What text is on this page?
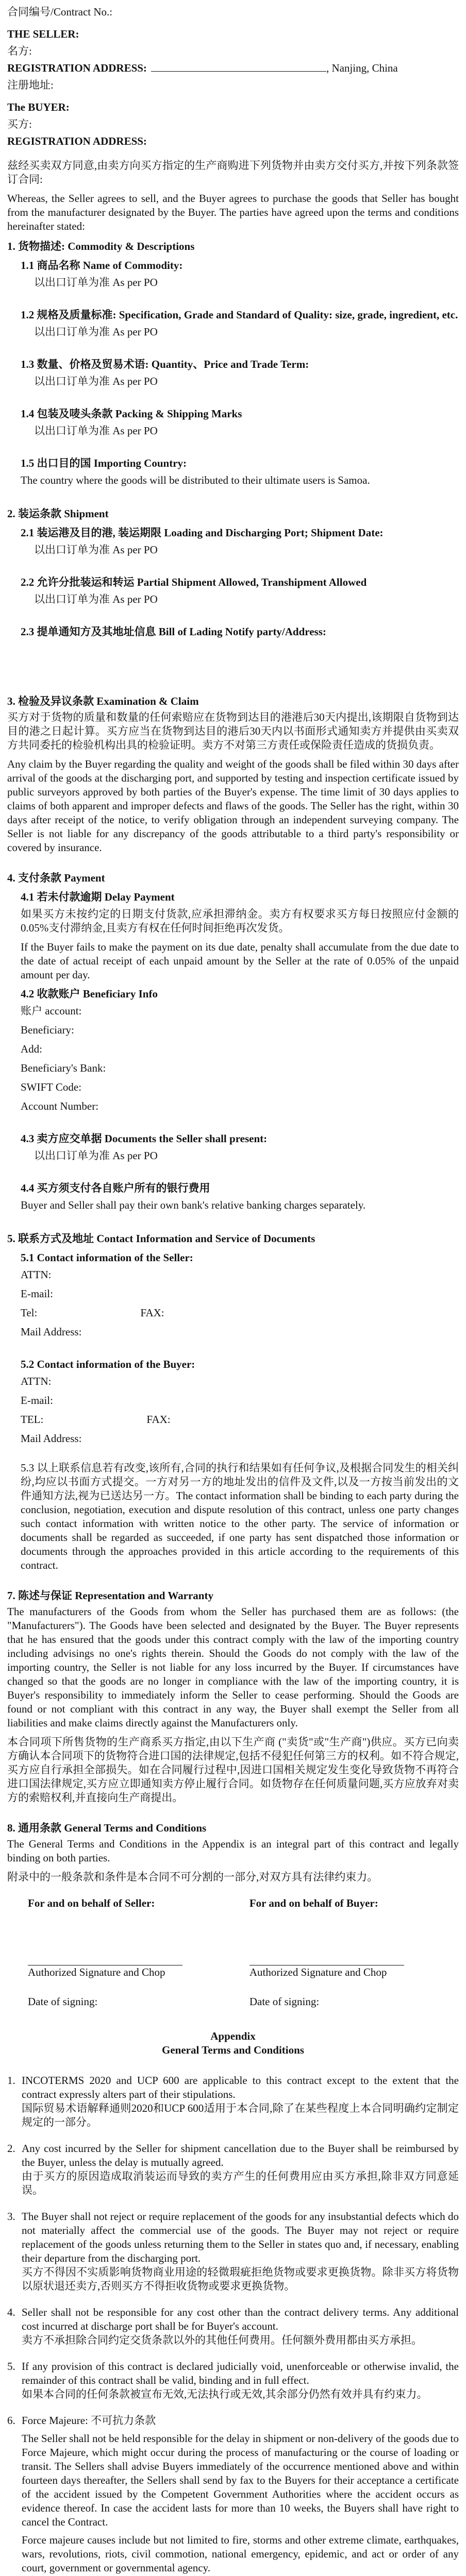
合同编号/Contract No.:
THE SELLER:
名方:
REGISTRATION ADDRESS:	, Nanjing, China
注册地址:
The BUYER:
买方:
REGISTRATION ADDRESS:
兹经买卖双方同意,由卖方向买方指定的生产商购进下列货物并由卖方交付买方,并按下列条款签订合同:
Whereas, the Seller agrees to sell, and the Buyer agrees to purchase the goods that Seller has bought from the manufacturer designated by the Buyer. The parties have agreed upon the terms and conditions hereinafter stated:
1. 货物描述: Commodity & Descriptions
1.1 商品名称 Name of Commodity:
以出口订单为准 As per PO
1.2 规格及质量标准: Specification, Grade and Standard of Quality: size, grade, ingredient, etc.
以出口订单为准 As per PO
1.3 数量、价格及贸易术语: Quantity、Price and Trade Term:
以出口订单为准 As per PO
1.4 包装及唛头条款 Packing & Shipping Marks
以出口订单为准 As per PO
1.5 出口目的国 Importing Country:
The country where the goods will be distributed to their ultimate users is Samoa.
2. 装运条款 Shipment
2.1 装运港及目的港, 装运期限 Loading and Discharging Port; Shipment Date:
以出口订单为准 As per PO
2.2 允许分批装运和转运 Partial Shipment Allowed, Transhipment Allowed
以出口订单为准 As per PO
2.3 提单通知方及其地址信息 Bill of Lading Notify party/Address:
3. 检验及异议条款 Examination & Claim
买方对于货物的质量和数量的任何索赔应在货物到达目的港港后30天内提出,该期限自货物到达目的港之日起计算。买方应当在货物到达目的港后30天内以书面形式通知卖方并提供由买卖双方共同委托的检验机构出具的检验证明。卖方不对第三方责任或保险责任造成的货损负责。
Any claim by the Buyer regarding the quality and weight of the goods shall be filed within 30 days after arrival of the goods at the discharging port, and supported by testing and inspection certificate issued by public surveyors approved by both parties of the Buyer's expense. The time limit of 30 days applies to claims of both apparent and improper defects and flaws of the goods. The Seller has the right, within 30 days after receipt of the notice, to verify obligation through an independent surveying company. The Seller is not liable for any discrepancy of the goods attributable to a third party's responsibility or covered by insurance.
4. 支付条款 Payment
4.1 若未付款逾期 Delay Payment
如果买方未按约定的日期支付货款,应承担滞纳金。卖方有权要求买方每日按照应付金额的0.05%支付滞纳金,且卖方有权在任何时间拒绝再次发货。
If the Buyer fails to make the payment on its due date, penalty shall accumulate from the due date to the date of actual receipt of each unpaid amount by the Seller at the rate of 0.05% of the unpaid amount per day.
4.2 收款账户 Beneficiary Info
账户 account:
Beneficiary:
Add:
Beneficiary's Bank:
SWIFT Code:
Account Number:
4.3 卖方应交单据 Documents the Seller shall present:
以出口订单为准 As per PO
4.4 买方须支付各自账户所有的银行费用
Buyer and Seller shall pay their own bank's relative banking charges separately.
5. 联系方式及地址 Contact Information and Service of Documents
5.1 Contact information of the Seller:
ATTN:
E-mail:
Tel:	FAX:
Mail Address:
5.2 Contact information of the Buyer:
ATTN:
E-mail:
TEL:	FAX:
Mail Address:
5.3 以上联系信息若有改变,该所有,合同的执行和结果如有任何争议,及根据合同发生的相关纠纷,均应以书面方式提交。一方对另一方的地址发出的信件及文件,以及一方按当前发出的文件通知方法,视为已送达另一方。The contact information shall be binding to each party during the conclusion, negotiation, execution and dispute resolution of this contract, unless one party changes such contact information with written notice to the other party. The service of information or documents shall be regarded as succeeded, if one party has sent dispatched those information or documents through the approaches provided in this article according to the requirements of this contract.
7. 陈述与保证 Representation and Warranty
The manufacturers of the Goods from whom the Seller has purchased them are as follows: (the "Manufacturers"). The Goods have been selected and designated by the Buyer. The Buyer represents that he has ensured that the goods under this contract comply with the law of the importing country including advisings no one's rights therein. Should the Goods do not comply with the law of the importing country, the Seller is not liable for any loss incurred by the Buyer. If circumstances have changed so that the goods are no longer in compliance with the law of the importing country, it is Buyer's responsibility to immediately inform the Seller to cease performing. Should the Goods are found or not compliant with this contract in any way, the Buyer shall exempt the Seller from all liabilities and make claims directly against the Manufacturers only.
本合同项下所售货物的生产商系买方指定,由以下生产商 ("卖货"或"生产商")供应。买方已向卖方确认本合同项下的货物符合进口国的法律规定,包括不侵犯任何第三方的权利。如不符合规定,买方应自行承担全部损失。如在合同履行过程中,因进口国相关规定发生变化导致货物不再符合进口国法律规定,买方应立即通知卖方停止履行合同。如货物存在任何质量问题,买方应放弃对卖方的索赔权利,并直接向生产商提出。
8. 通用条款 General Terms and Conditions
The General Terms and Conditions in the Appendix is an integral part of this contract and legally binding on both parties.
附录中的一般条款和条件是本合同不可分割的一部分,对双方具有法律约束力。
For and on behalf of Seller:
Authorized Signature and Chop
Date of signing:
For and on behalf of Buyer:
Authorized Signature and Chop
Date of signing:
Appendix
General Terms and Conditions
1. INCOTERMS 2020 and UCP 600 are applicable to this contract except to the extent that the contract expressly alters part of their stipulations.
国际贸易术语解释通则2020和UCP 600适用于本合同,除了在某些程度上本合同明确约定制定规定的一部分。
2. Any cost incurred by the Seller for shipment cancellation due to the Buyer shall be reimbursed by the Buyer, unless the delay is mutually agreed.
由于买方的原因造成取消装运而导致的卖方产生的任何费用应由买方承担,除非双方同意延误。
3. The Buyer shall not reject or require replacement of the goods for any insubstantial defects which do not materially affect the commercial use of the goods. The Buyer may not reject or require replacement of the goods unless returning them to the Seller in states quo and, if necessary, enabling their departure from the discharging port.
买方不得因不实质影响货物商业用途的轻微瑕疵拒绝货物或要求更换货物。除非买方将货物以原状退还卖方,否则买方不得拒收货物或要求更换货物。
4. Seller shall not be responsible for any cost other than the contract delivery terms. Any additional cost incurred at discharge port shall be for Buyer's account.
卖方不承担除合同约定交货条款以外的其他任何费用。任何额外费用都由买方承担。
5. If any provision of this contract is declared judicially void, unenforceable or otherwise invalid, the remainder of this contract shall be valid, binding and in full effect.
如果本合同的任何条款被宣布无效,无法执行或无效,其余部分仍然有效并具有约束力。
6. Force Majeure: 不可抗力条款
The Seller shall not be held responsible for the delay in shipment or non-delivery of the goods due to Force Majeure, which might occur during the process of manufacturing or the course of loading or transit. The Sellers shall advise Buyers immediately of the occurrence mentioned above and within fourteen days thereafter, the Sellers shall send by fax to the Buyers for their acceptance a certificate of the accident issued by the Competent Government Authorities where the accident occurs as evidence thereof. In case the accident lasts for more than 10 weeks, the Buyers shall have right to cancel the Contract.
Force majeure causes include but not limited to fire, storms and other extreme climate, earthquakes, wars, revolutions, riots, civil commotion, national emergency, epidemic, and act or order of any court, government or governmental agency.
